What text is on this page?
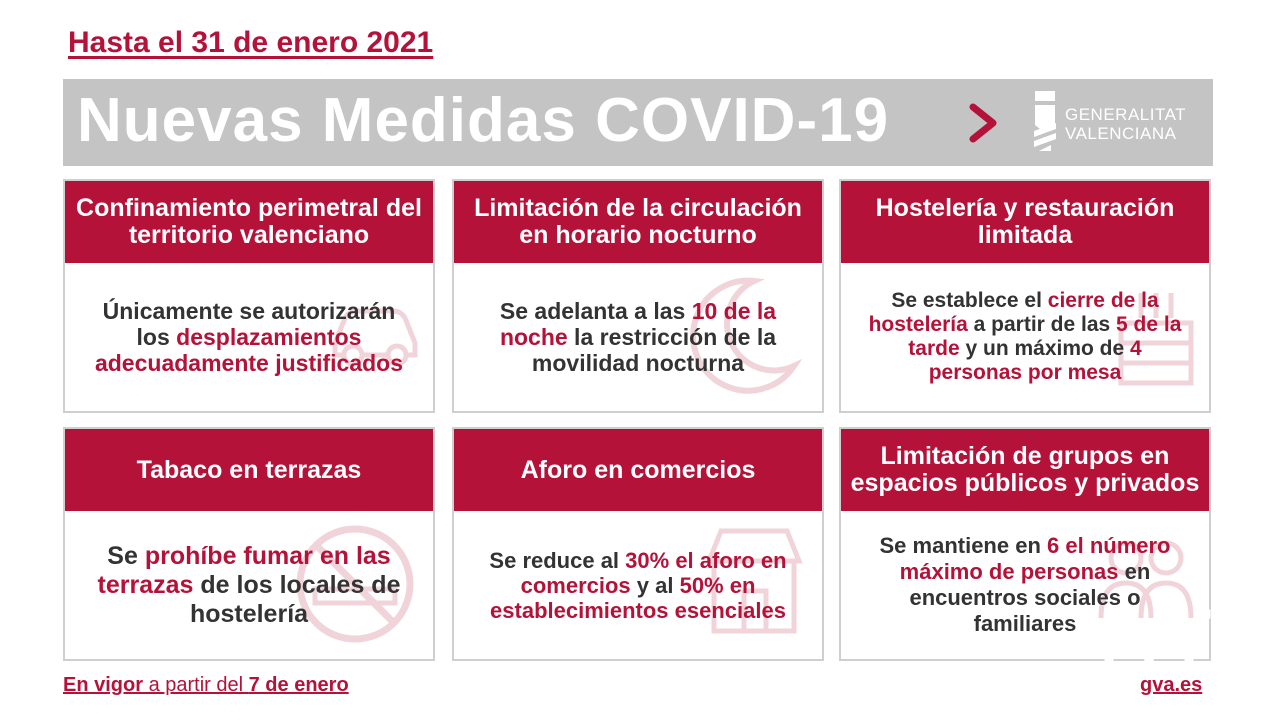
Hasta el 31 de enero 2021
Nuevas Medidas COVID-19	GENERALITAT
VALENCIANA
Confinamiento perimetral del territorio valenciano
Únicamente se autorizarán los desplazamientos adecuadamente justificados
Limitación de la circulación en horario nocturno
Se adelanta a las 10 de la noche la restricción de la movilidad nocturna
Hostelería y restauración limitada
Se establece el cierre de la hostelería a partir de las 5 de la tarde y un máximo de 4 personas por mesa
Tabaco en terrazas
Se prohíbe fumar en las terrazas de los locales de hostelería
Aforo en comercios
Se reduce al 30% el aforo en comercios y al 50% en establecimientos esenciales
Limitación de grupos en espacios públicos y privados
Se mantiene en 6 el número máximo de personas en encuentros sociales o familiares
En vigor a partir del 7 de enero	gva.es
